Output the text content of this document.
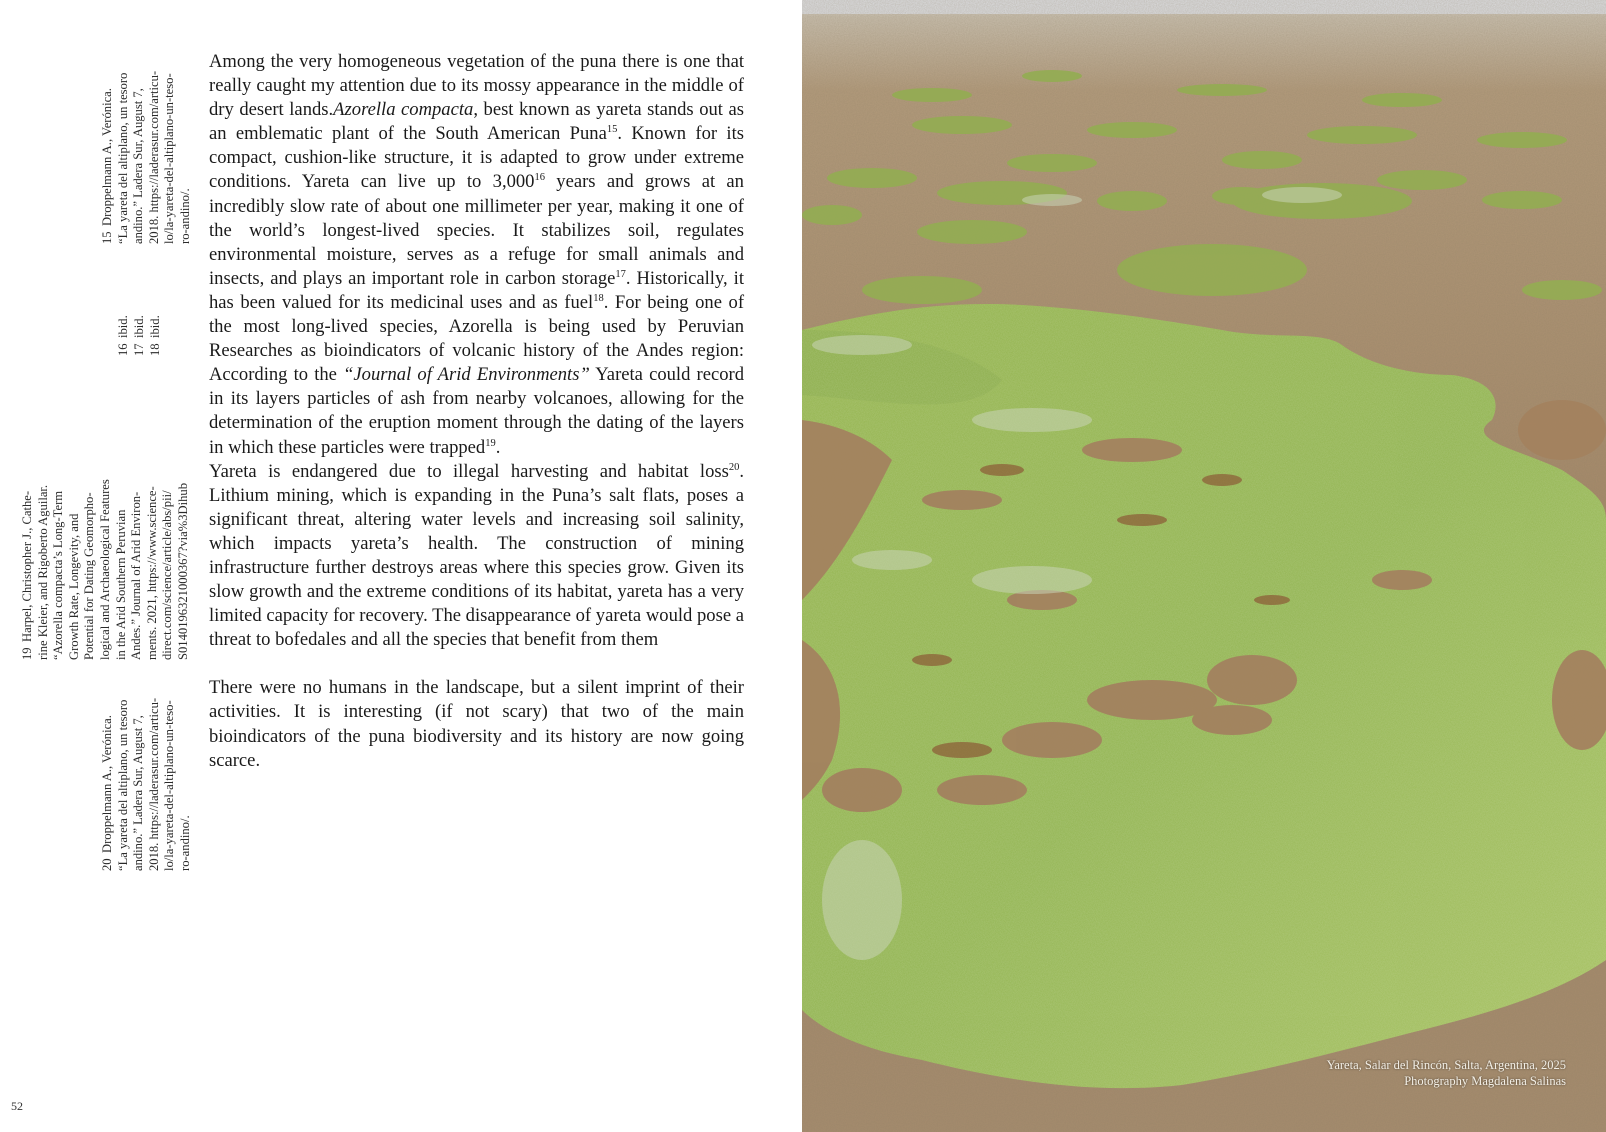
15Droppelmann A., Verónica. “La yareta del altiplano, un tesoro andino.” Ladera Sur, August 7, 2018. https://laderasur.com/articu- lo/la-yareta-del-altiplano-un-teso- ro-andino/.
16ibid.
17ibid.
18ibid.
19Harpel, Christopher J., Cathe- rine Kleier, and Rigoberto Aguilar. “Azorella compacta’s Long-Term Growth Rate, Longevity, and Potential for Dating Geomorpho- logical and Archaeological Features in the Arid Southern Peruvian Andes.” Journal of Arid Environ- ments. 2021, https://www.science- direct.com/science/article/abs/pii/ S0140196321000367?via%3Dihub
20Droppelmann A., Verónica. “La yareta del altiplano, un tesoro andino.” Ladera Sur, August 7, 2018. https://laderasur.com/articu- lo/la-yareta-del-altiplano-un-teso- ro-andino/.

Among the very homogeneous vegetation of the puna there is one that really caught my attention due to its mossy appearance in the middle of dry desert lands.Azorella compacta, best known as yareta stands out as an emblematic plant of the South American Puna$^{15}$. Known for its compact, cushion-like structure, it is adapted to grow under extreme conditions. Yareta can live up to 3,000$^{16}$ years and grows at an incredibly slow rate of about one millimeter per year, making it one of the world’s longest-lived species. It stabilizes soil, regulates environmental moisture, serves as a refuge for small animals and insects, and plays an important role in carbon storage$^{17}$. Historically, it has been valued for its medicinal uses and as fuel$^{18}$. For being one of the most long-lived species, Azorella is being used by Peruvian Researches as bioindicators of volcanic history of the Andes region: According to the “Journal of Arid Environments” Yareta could record in its layers particles of ash from nearby volcanoes, allowing for the determination of the eruption moment through the dating of the layers in which these particles were trapped$^{19}$.

Yareta is endangered due to illegal harvesting and habitat loss$^{20}$. Lithium mining, which is expanding in the Puna’s salt flats, poses a significant threat, altering water levels and increasing soil salinity, which impacts yareta’s health. The construction of mining infrastructure further destroys areas where this species grow. Given its slow growth and the extreme conditions of its habitat, yareta has a very limited capacity for recovery. The disappearance of yareta would pose a threat to bofedales and all the species that benefit from them

There were no humans in the landscape, but a silent imprint of their activities. It is interesting (if not scary) that two of the main bioindicators of the puna biodiversity and its history are now going scarce.

52
Yareta, Salar del Rincón, Salta, Argentina, 2025
Photography Magdalena Salinas
